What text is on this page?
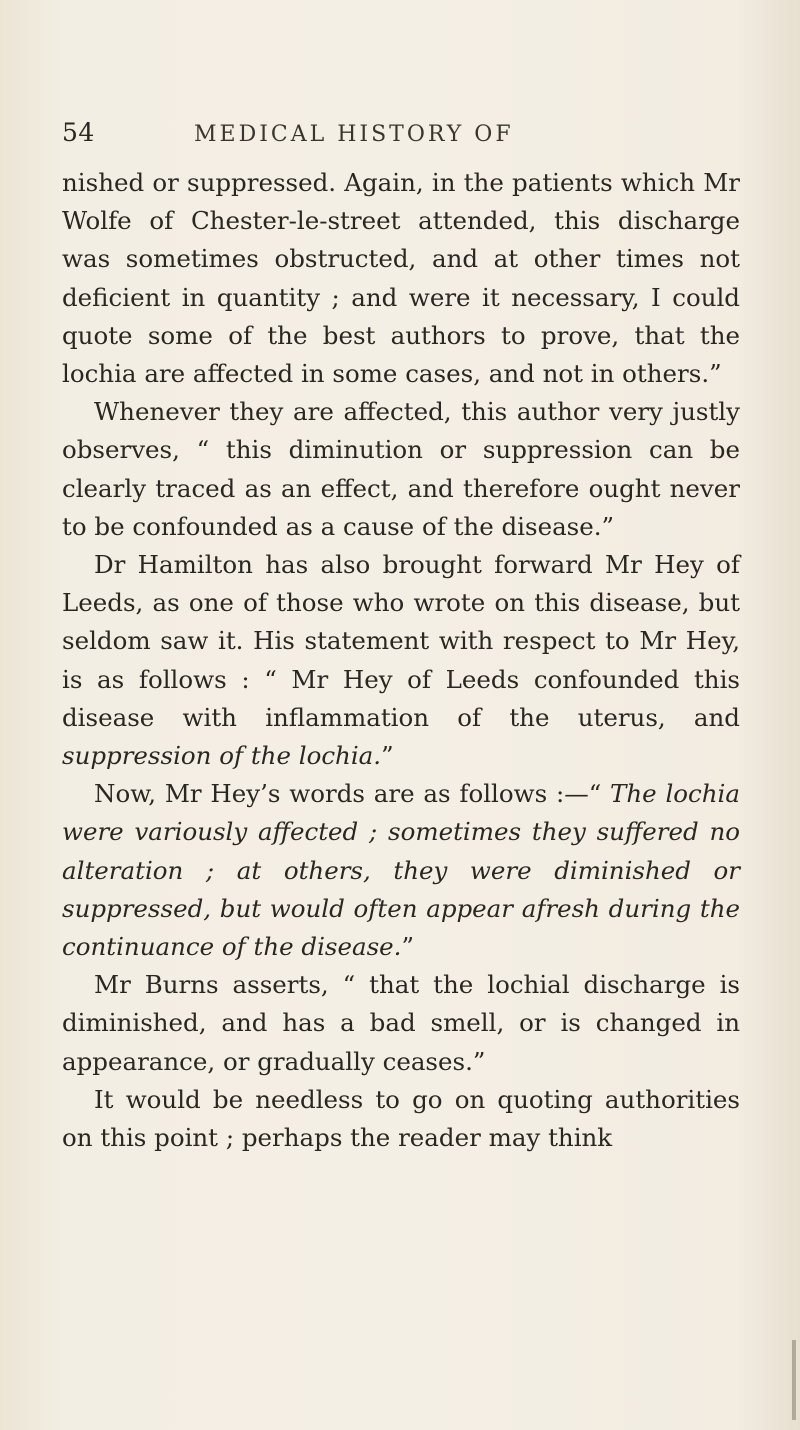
54	MEDICAL HISTORY OF

nished or suppressed. Again, in the patients which Mr Wolfe of Chester-le-street attended, this discharge was sometimes obstructed, and at other times not deficient in quantity ; and were it necessary, I could quote some of the best authors to prove, that the lochia are affected in some cases, and not in others.”

Whenever they are affected, this author very justly observes, “ this diminution or suppression can be clearly traced as an effect, and therefore ought never to be confounded as a cause of the disease.”

Dr Hamilton has also brought forward Mr Hey of Leeds, as one of those who wrote on this disease, but seldom saw it. His statement with respect to Mr Hey, is as follows : “ Mr Hey of Leeds confounded this disease with inflammation of the uterus, and suppression of the lochia.”

Now, Mr Hey’s words are as follows :—“ The lochia were variously affected ; sometimes they suffered no alteration ; at others, they were diminished or suppressed, but would often appear afresh during the continuance of the disease.”

Mr Burns asserts, “ that the lochial discharge is diminished, and has a bad smell, or is changed in appearance, or gradually ceases.”

It would be needless to go on quoting authorities on this point ; perhaps the reader may think
